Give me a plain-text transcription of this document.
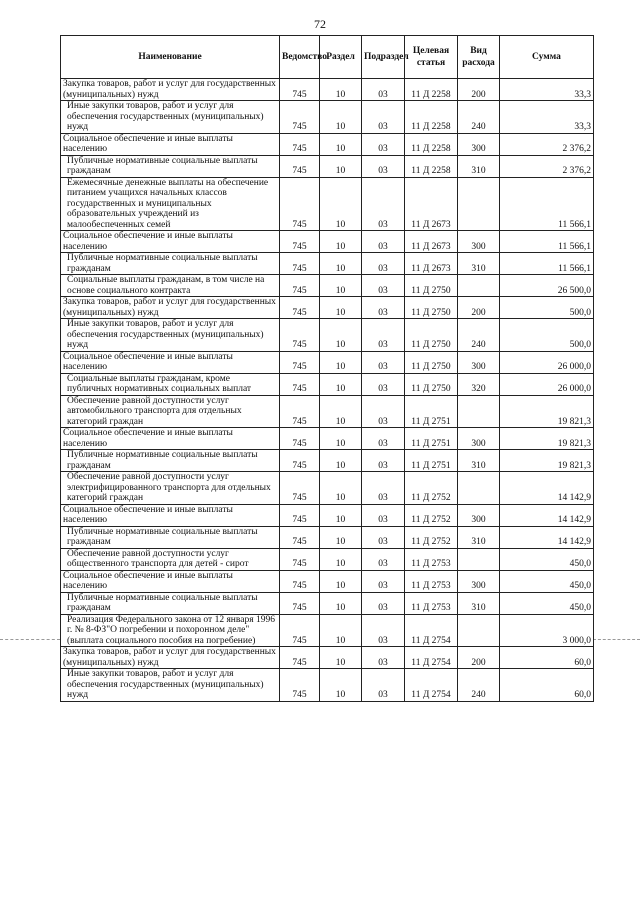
72
Наименование	Ведомство	Раздел	Подраздел	Целевая статья	Вид расхода	Сумма
Закупка товаров, работ и услуг для государственных (муниципальных) нужд	745	10	03	11 Д 2258	200	33,3
Иные закупки товаров, работ и услуг для обеспечения государственных (муниципальных) нужд	745	10	03	11 Д 2258	240	33,3
Социальное обеспечение и иные выплаты населению	745	10	03	11 Д 2258	300	2 376,2
Публичные нормативные социальные выплаты гражданам	745	10	03	11 Д 2258	310	2 376,2
Ежемесячные денежные выплаты на обеспечение питанием учащихся начальных классов государственных и муниципальных образовательных учреждений из малообеспеченных семей	745	10	03	11 Д 2673		11 566,1
Социальное обеспечение и иные выплаты населению	745	10	03	11 Д 2673	300	11 566,1
Публичные нормативные социальные выплаты гражданам	745	10	03	11 Д 2673	310	11 566,1
Социальные выплаты гражданам, в том числе на основе социального контракта	745	10	03	11 Д 2750		26 500,0
Закупка товаров, работ и услуг для государственных (муниципальных) нужд	745	10	03	11 Д 2750	200	500,0
Иные закупки товаров, работ и услуг для обеспечения государственных (муниципальных) нужд	745	10	03	11 Д 2750	240	500,0
Социальное обеспечение и иные выплаты населению	745	10	03	11 Д 2750	300	26 000,0
Социальные выплаты гражданам, кроме публичных нормативных социальных выплат	745	10	03	11 Д 2750	320	26 000,0
Обеспечение равной доступности услуг автомобильного транспорта для отдельных категорий граждан	745	10	03	11 Д 2751		19 821,3
Социальное обеспечение и иные выплаты населению	745	10	03	11 Д 2751	300	19 821,3
Публичные нормативные социальные выплаты гражданам	745	10	03	11 Д 2751	310	19 821,3
Обеспечение равной доступности услуг электрифицированного транспорта для отдельных категорий граждан	745	10	03	11 Д 2752		14 142,9
Социальное обеспечение и иные выплаты населению	745	10	03	11 Д 2752	300	14 142,9
Публичные нормативные социальные выплаты гражданам	745	10	03	11 Д 2752	310	14 142,9
Обеспечение равной доступности услуг общественного транспорта для детей - сирот	745	10	03	11 Д 2753		450,0
Социальное обеспечение и иные выплаты населению	745	10	03	11 Д 2753	300	450,0
Публичные нормативные социальные выплаты гражданам	745	10	03	11 Д 2753	310	450,0
Реализация Федерального закона от 12 января 1996 г. № 8-ФЗ"О погребении и похоронном деле" (выплата социального пособия на погребение)	745	10	03	11 Д 2754		3 000,0
Закупка товаров, работ и услуг для государственных (муниципальных) нужд	745	10	03	11 Д 2754	200	60,0
Иные закупки товаров, работ и услуг для обеспечения государственных (муниципальных) нужд	745	10	03	11 Д 2754	240	60,0
